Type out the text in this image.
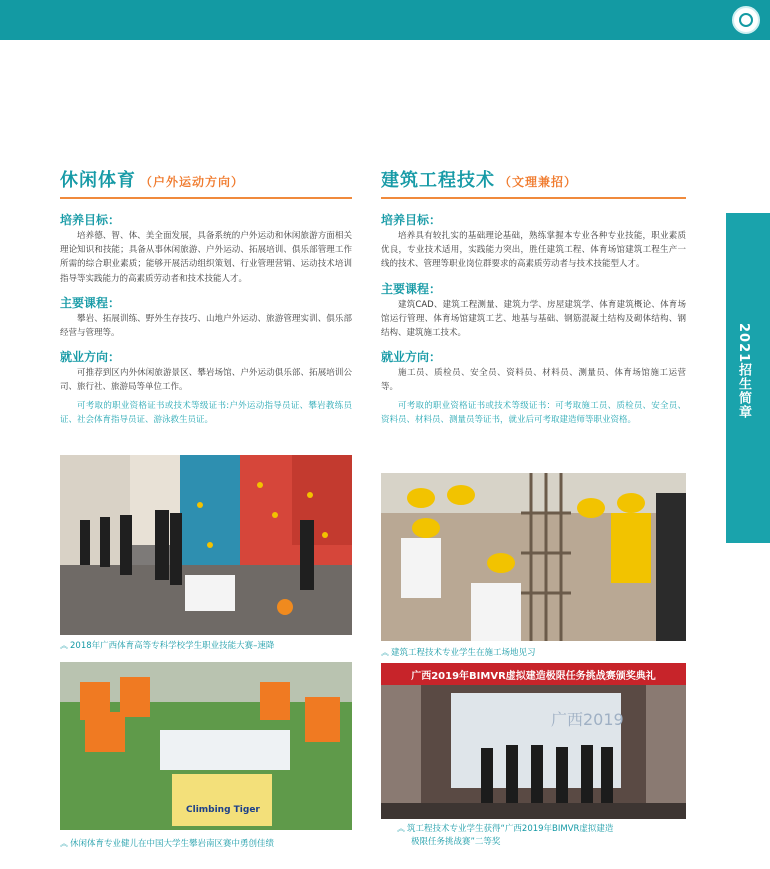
2021招生简章
休闲体育 （户外运动方向）
培养目标：

培养德、智、体、美全面发展，具备系统的户外运动和休闲旅游方面相关理论知识和技能；具备从事休闲旅游、户外运动、拓展培训、俱乐部管理工作所需的综合职业素质；能够开展活动组织策划、行业管理营销、运动技术培训指导等实践能力的高素质劳动者和技术技能人才。

主要课程：

攀岩、拓展训练、野外生存技巧、山地户外运动、旅游管理实训、俱乐部经营与管理等。

就业方向：

可推荐到区内外休闲旅游景区、攀岩场馆、户外运动俱乐部、拓展培训公司、旅行社、旅游局等单位工作。

可考取的职业资格证书或技术等级证书:户外运动指导员证、攀岩教练员证、社会体育指导员证、游泳救生员证。

建筑工程技术 （文理兼招）
培养目标：

培养具有较扎实的基础理论基础，熟练掌握本专业各种专业技能，职业素质优良，专业技术适用，实践能力突出，胜任建筑工程、体育场馆建筑工程生产一线的技术、管理等职业岗位群要求的高素质劳动者与技术技能型人才。

主要课程：

建筑CAD、建筑工程测量、建筑力学、房屋建筑学、体育建筑概论、体育场馆运行管理、体育场馆建筑工艺、地基与基础、钢筋混凝土结构及砌体结构、钢结构、建筑施工技术。

就业方向：

施工员、质检员、安全员、资料员、材料员、测量员、体育场馆施工运营等。

可考取的职业资格证书或技术等级证书：可考取施工员、质检员、安全员、资料员、材料员、测量员等证书，就业后可考取建造师等职业资格。

︽ 2018年广西体育高等专科学校学生职业技能大赛–速降
Climbing Tiger
︽ 休闲体育专业健儿在中国大学生攀岩南区赛中勇创佳绩
︽ 建筑工程技术专业学生在施工场地见习
广西2019年BIMVR虚拟建造极限任务挑战赛颁奖典礼
广西2019
︽ 筑工程技术专业学生获得“广西2019年BIMVR虚拟建造
极限任务挑战赛”二等奖
